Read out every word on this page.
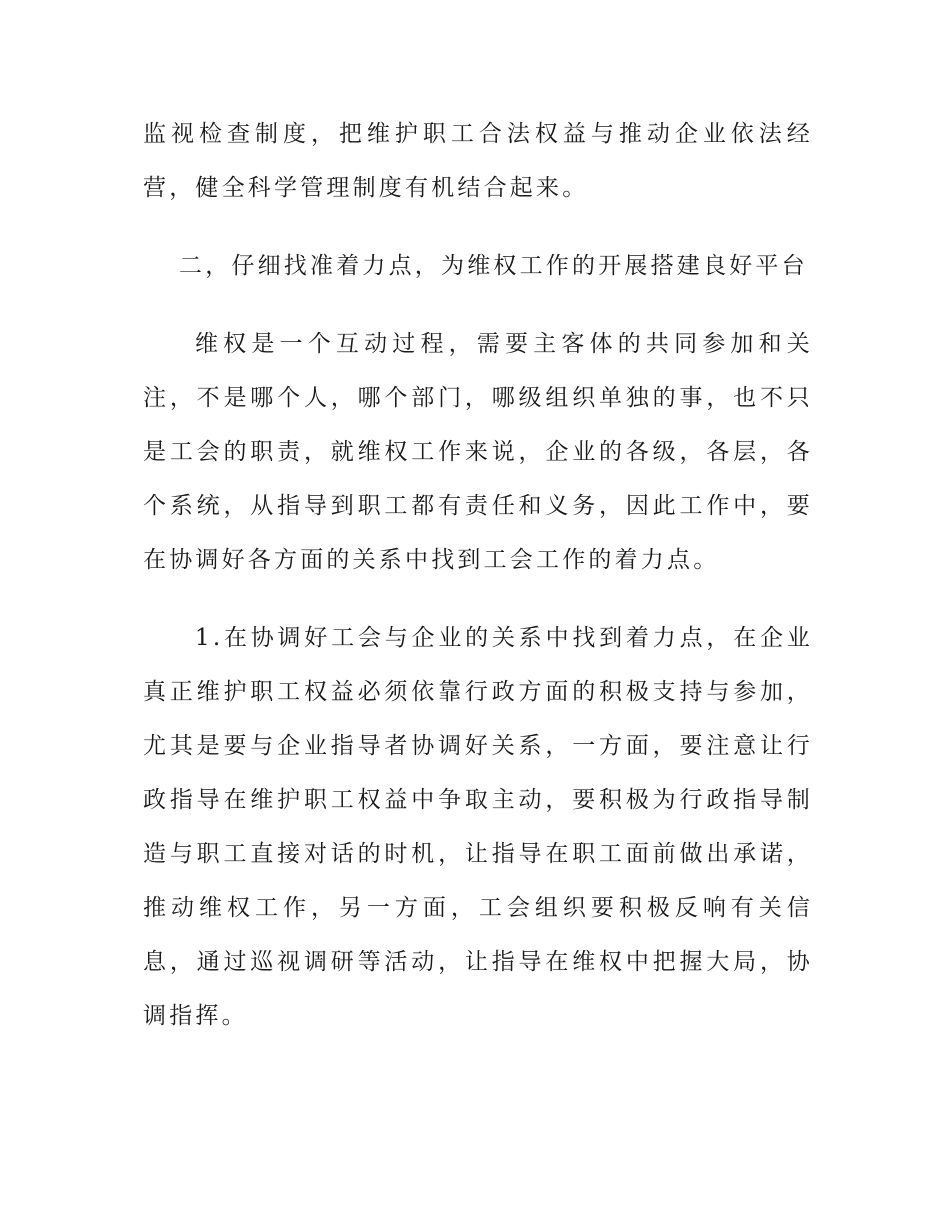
监视检查制度，把维护职工合法权益与推动企业依法经营，健全科学管理制度有机结合起来。

二，仔细找准着力点，为维权工作的开展搭建良好平台

维权是一个互动过程，需要主客体的共同参加和关注，不是哪个人，哪个部门，哪级组织单独的事，也不只是工会的职责，就维权工作来说，企业的各级，各层，各个系统，从指导到职工都有责任和义务，因此工作中，要在协调好各方面的关系中找到工会工作的着力点。

1.在协调好工会与企业的关系中找到着力点，在企业真正维护职工权益必须依靠行政方面的积极支持与参加，尤其是要与企业指导者协调好关系，一方面，要注意让行政指导在维护职工权益中争取主动，要积极为行政指导制造与职工直接对话的时机，让指导在职工面前做出承诺，推动维权工作，另一方面，工会组织要积极反响有关信息，通过巡视调研等活动，让指导在维权中把握大局，协调指挥。
